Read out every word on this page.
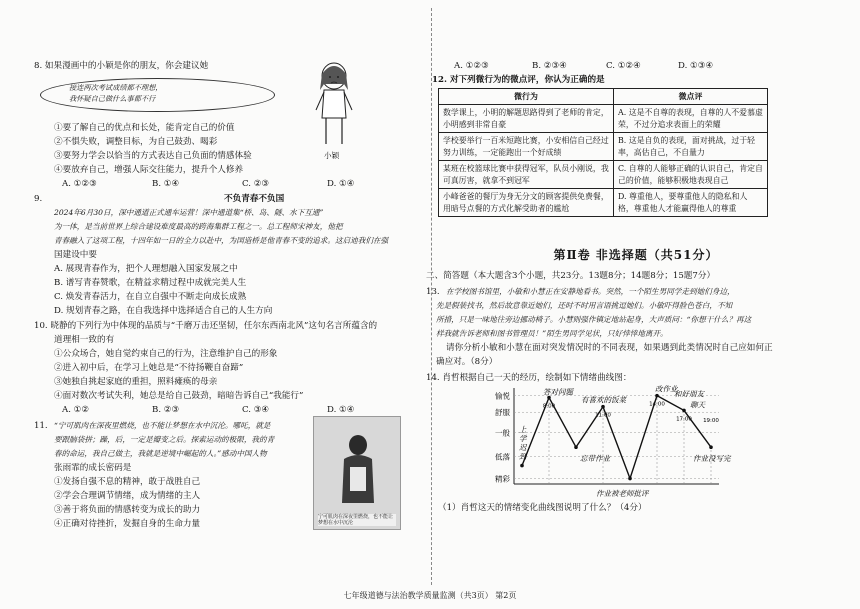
8. 如果漫画中的小颖是你的朋友，你会建议她
接连两次考试成绩都不理想，
我怀疑自己做什么事都不行
小颖
①要了解自己的优点和长处，能肯定自己的价值
②不惧失败，调整目标，为自己鼓劲、喝彩
③要努力学会以恰当的方式表达自己负面的情感体验
④要放弃自己，增强人际交往能力，提升个人修养
A. ①②③	B. ①④	C. ②③	D. ①④
9.	不负青春不负国
2024年6月30日，深中通道正式通车运营！深中通道集“桥、岛、隧、水下互通”
为一体，是当前世界上综合建设难度最高的跨海集群工程之一。总工程师宋神友，他把
青春融入了这项工程，十四年如一日的全力以赴中，为国造桥是他青春不变的追求。这启迪我们在强
国建设中要
A. 展现青春作为，把个人理想融入国家发展之中
B. 谱写青春赞歌，在精益求精过程中成就完美人生
C. 焕发青春活力，在自立自强中不断走向成长成熟
D. 规划青春之路，在自我选择中选择适合自己的人生方向
10. 晓静的下列行为中体现的品质与“千磨万击还坚韧，任尔东西南北风”这句名言所蕴含的
道理相一致的有
①公众场合，她自觉约束自己的行为，注意维护自己的形象
②进入初中后，在学习上她总是“不待扬鞭自奋蹄”
③她独自挑起家庭的重担，照料瘫痪的母亲
④面对数次考试失利，她总是给自己鼓劲，暗暗告诉自己“我能行”
A. ①②	B. ②③	C. ③④	D. ①④
11. “宁可肌肉在深夜里燃烧，也不能让梦想在水中沉沦。哪吒，就是
要跟脑袋拼；躁，后，一定是瓣变之后。探索运动的极限，我的青
春的命运，我自己做主，我就是逆境中崛起的人。”感动中国人物
张雨霏的成长密码是
①发扬自强不息的精神，敢于战胜自己
②学会合理调节情绪，成为情绪的主人
③善于将负面的情感转变为成长的助力
④正确对待挫折，发掘自身的生命力量
宁可肌肉在深夜里燃烧，也不能让梦想在水中沉沦
A. ①②③	B. ②③④	C. ①②④	D. ①③④
12. 对下列微行为的微点评，你认为正确的是
微行为	微点评
数学课上，小明的解题思路得到了老师的肯定，小明感到非常自豪	A. 这是不自尊的表现，自尊的人不爱慕虚荣，不过分追求表面上的荣耀
学校要举行一百米短跑比赛，小安相信自己经过努力训练，一定能跑出一个好成绩	B. 这是自负的表现，面对挑战，过于轻率，高估自己，不自量力
某班在校篮球比赛中获得冠军，队员小刚说，我可真厉害，就拿不到冠军	C. 自尊的人能够正确的认识自己，肯定自己的价值，能够积极地表现自己
小峰爸爸的餐厅为身无分文的顾客提供免费餐，用暗号点餐的方式化解受助者的尴尬	D. 尊重他人，要尊重他人的隐私和人格，尊重他人才能赢得他人的尊重
第Ⅱ卷 非选择题（共51分）
二、简答题（本大题含3个小题，共23分。13题8分；14题8分；15题7分）
13. 在学校图书馆里，小敏和小慧正在安静地看书。突然，一个陌生男同学走到她们身边，
先是假装找书，然后故意靠近她们，还时不时用言语挑逗她们。小敏吓得脸色苍白，不知
所措，只是一味地往旁边挪动椅子。小慧则强作镇定地站起身，大声质问：“你想干什么？再这
样我就告诉老师和图书管理员！”陌生男同学见状，只好悻悻地离开。
请你分析小敏和小慧在面对突发情况时的不同表现，如果遇到此类情况时自己应如何正
确应对。（8分）
14. 肖哲根据自己一天的经历，绘制如下情绪曲线图：
精彩
低落
一般
舒服
愉悦
8:00
11:00
14:00
17:00 19:00
上
学
迟
到
答对问题
忘带作业
有喜欢的饭菜
作业被老师批评
改作业
和好朋友
聊天
作业没写完
（1）肖哲这天的情绪变化曲线图说明了什么？（4分）
七年级道德与法治教学质量监测（共3页） 第2页
